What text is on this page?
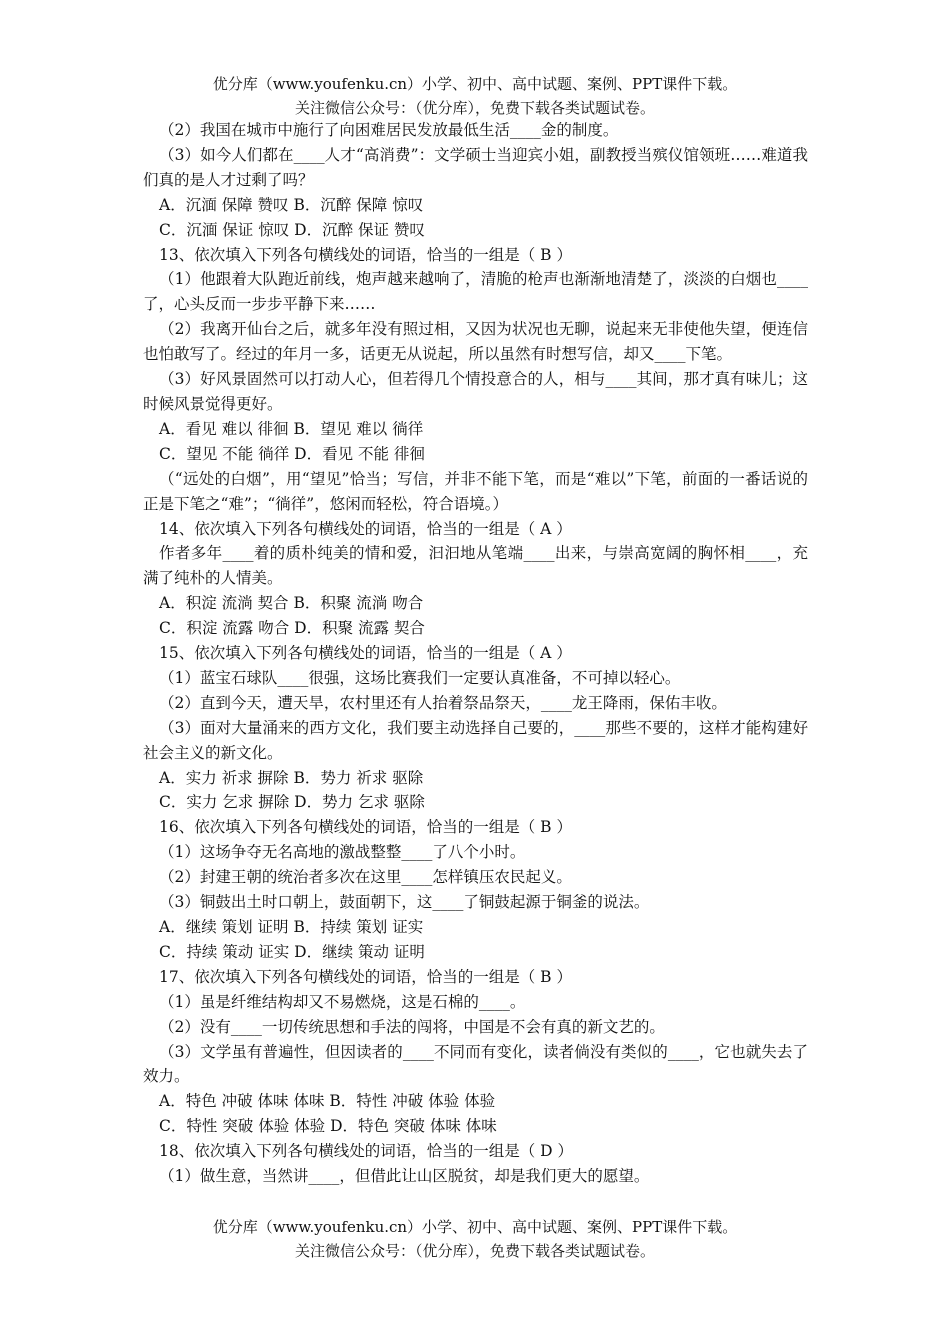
优分库（www.youfenku.cn）小学、初中、高中试题、案例、PPT课件下载。
关注微信公众号：（优分库），免费下载各类试题试卷。

（2）我国在城市中施行了向困难居民发放最低生活____金的制度。

（3）如今人们都在____人才“高消费”：文学硕士当迎宾小姐，副教授当殡仪馆领班……难道我们真的是人才过剩了吗？

A．沉湎 保障 赞叹 B．沉醉 保障 惊叹

C．沉湎 保证 惊叹 D．沉醉 保证 赞叹

13、依次填入下列各句横线处的词语，恰当的一组是（ B ）

（1）他跟着大队跑近前线，炮声越来越响了，清脆的枪声也渐渐地清楚了，淡淡的白烟也____了，心头反而一步步平静下来……

（2）我离开仙台之后，就多年没有照过相，又因为状况也无聊，说起来无非使他失望，便连信也怕敢写了。经过的年月一多，话更无从说起，所以虽然有时想写信，却又____下笔。

（3）好风景固然可以打动人心，但若得几个情投意合的人，相与____其间，那才真有味儿；这时候风景觉得更好。

A．看见 难以 徘徊 B．望见 难以 徜徉

C．望见 不能 徜徉 D．看见 不能 徘徊

（“远处的白烟”，用“望见”恰当；写信，并非不能下笔，而是“难以”下笔，前面的一番话说的正是下笔之“难”；“徜徉”，悠闲而轻松，符合语境。）

14、依次填入下列各句横线处的词语，恰当的一组是（ A ）

作者多年____着的质朴纯美的情和爱，汩汩地从笔端____出来，与崇高宽阔的胸怀相____，充满了纯朴的人情美。

A．积淀 流淌 契合 B．积聚 流淌 吻合

C．积淀 流露 吻合 D．积聚 流露 契合

15、依次填入下列各句横线处的词语，恰当的一组是（ A ）

（1）蓝宝石球队____很强，这场比赛我们一定要认真准备，不可掉以轻心。

（2）直到今天，遭天旱，农村里还有人抬着祭品祭天，____龙王降雨，保佑丰收。

（3）面对大量涌来的西方文化，我们要主动选择自己要的，____那些不要的，这样才能构建好社会主义的新文化。

A．实力 祈求 摒除 B．势力 祈求 驱除

C．实力 乞求 摒除 D．势力 乞求 驱除

16、依次填入下列各句横线处的词语，恰当的一组是（ B ）

（1）这场争夺无名高地的激战整整____了八个小时。

（2）封建王朝的统治者多次在这里____怎样镇压农民起义。

（3）铜鼓出土时口朝上，鼓面朝下，这____了铜鼓起源于铜釜的说法。

A．继续 策划 证明 B．持续 策划 证实

C．持续 策动 证实 D．继续 策动 证明

17、依次填入下列各句横线处的词语，恰当的一组是（ B ）

（1）虽是纤维结构却又不易燃烧，这是石棉的____。

（2）没有____一切传统思想和手法的闯将，中国是不会有真的新文艺的。

（3）文学虽有普遍性，但因读者的____不同而有变化，读者倘没有类似的____，它也就失去了效力。

A．特色 冲破 体味 体味 B．特性 冲破 体验 体验

C．特性 突破 体验 体验 D．特色 突破 体味 体味

18、依次填入下列各句横线处的词语，恰当的一组是（ D ）

（1）做生意，当然讲____，但借此让山区脱贫，却是我们更大的愿望。

优分库（www.youfenku.cn）小学、初中、高中试题、案例、PPT课件下载。
关注微信公众号：（优分库），免费下载各类试题试卷。
